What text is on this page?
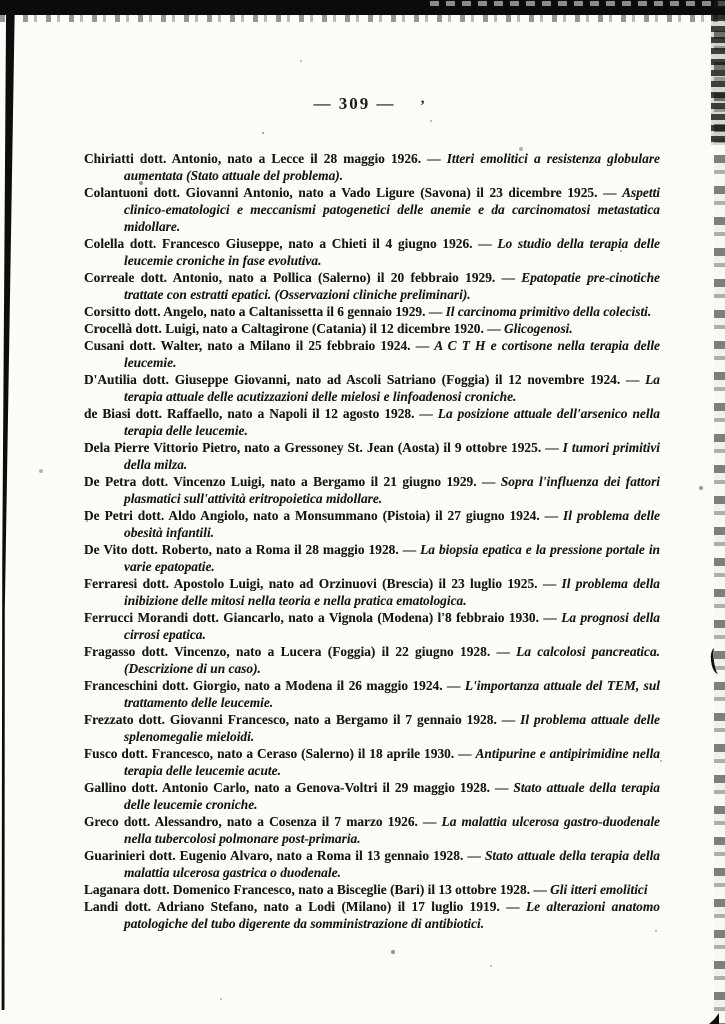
— 309 — ’

Chiriatti dott. Antonio, nato a Lecce il 28 maggio 1926. — Itteri emolitici a resistenza globulare aumentata (Stato attuale del problema).

Colantuoni dott. Giovanni Antonio, nato a Vado Ligure (Savona) il 23 dicembre 1925. — Aspetti clinico-ematologici e meccanismi patogenetici delle anemie e da carcinomatosi metastatica midollare.

Colella dott. Francesco Giuseppe, nato a Chieti il 4 giugno 1926. — Lo studio della terapia delle leucemie croniche in fase evolutiva.

Correale dott. Antonio, nato a Pollica (Salerno) il 20 febbraio 1929. — Epatopatie pre-cinotiche trattate con estratti epatici. (Osservazioni cliniche preliminari).

Corsitto dott. Angelo, nato a Caltanissetta il 6 gennaio 1929. — Il carcinoma primitivo della colecisti.

Crocellà dott. Luigi, nato a Caltagirone (Catania) il 12 dicembre 1920. — Glicogenosi.

Cusani dott. Walter, nato a Milano il 25 febbraio 1924. — A C T H e cortisone nella terapia delle leucemie.

D'Autilia dott. Giuseppe Giovanni, nato ad Ascoli Satriano (Foggia) il 12 novembre 1924. — La terapia attuale delle acutizzazioni delle mielosi e linfoadenosi croniche.

de Biasi dott. Raffaello, nato a Napoli il 12 agosto 1928. — La posizione attuale dell'arsenico nella terapia delle leucemie.

Dela Pierre Vittorio Pietro, nato a Gressoney St. Jean (Aosta) il 9 ottobre 1925. — I tumori primitivi della milza.

De Petra dott. Vincenzo Luigi, nato a Bergamo il 21 giugno 1929. — Sopra l'influenza dei fattori plasmatici sull'attività eritropoietica midollare.

De Petri dott. Aldo Angiolo, nato a Monsummano (Pistoia) il 27 giugno 1924. — Il problema delle obesità infantili.

De Vito dott. Roberto, nato a Roma il 28 maggio 1928. — La biopsia epatica e la pressione portale in varie epatopatie.

Ferraresi dott. Apostolo Luigi, nato ad Orzinuovi (Brescia) il 23 luglio 1925. — Il problema della inibizione delle mitosi nella teoria e nella pratica ematologica.

Ferrucci Morandi dott. Giancarlo, nato a Vignola (Modena) l'8 febbraio 1930. — La prognosi della cirrosi epatica.

Fragasso dott. Vincenzo, nato a Lucera (Foggia) il 22 giugno 1928. — La calcolosi pancreatica. (Descrizione di un caso).

Franceschini dott. Giorgio, nato a Modena il 26 maggio 1924. — L'importanza attuale del TEM, sul trattamento delle leucemie.

Frezzato dott. Giovanni Francesco, nato a Bergamo il 7 gennaio 1928. — Il problema attuale delle splenomegalie mieloidi.

Fusco dott. Francesco, nato a Ceraso (Salerno) il 18 aprile 1930. — Antipurine e antipirimidine nella terapia delle leucemie acute.

Gallino dott. Antonio Carlo, nato a Genova-Voltri il 29 maggio 1928. — Stato attuale della terapia delle leucemie croniche.

Greco dott. Alessandro, nato a Cosenza il 7 marzo 1926. — La malattia ulcerosa gastro-duodenale nella tubercolosi polmonare post-primaria.

Guarinieri dott. Eugenio Alvaro, nato a Roma il 13 gennaio 1928. — Stato attuale della terapia della malattia ulcerosa gastrica o duodenale.

Laganara dott. Domenico Francesco, nato a Bisceglie (Bari) il 13 ottobre 1928. — Gli itteri emolitici

Landi dott. Adriano Stefano, nato a Lodi (Milano) il 17 luglio 1919. — Le alterazioni anatomo patologiche del tubo digerente da somministrazione di antibiotici.
